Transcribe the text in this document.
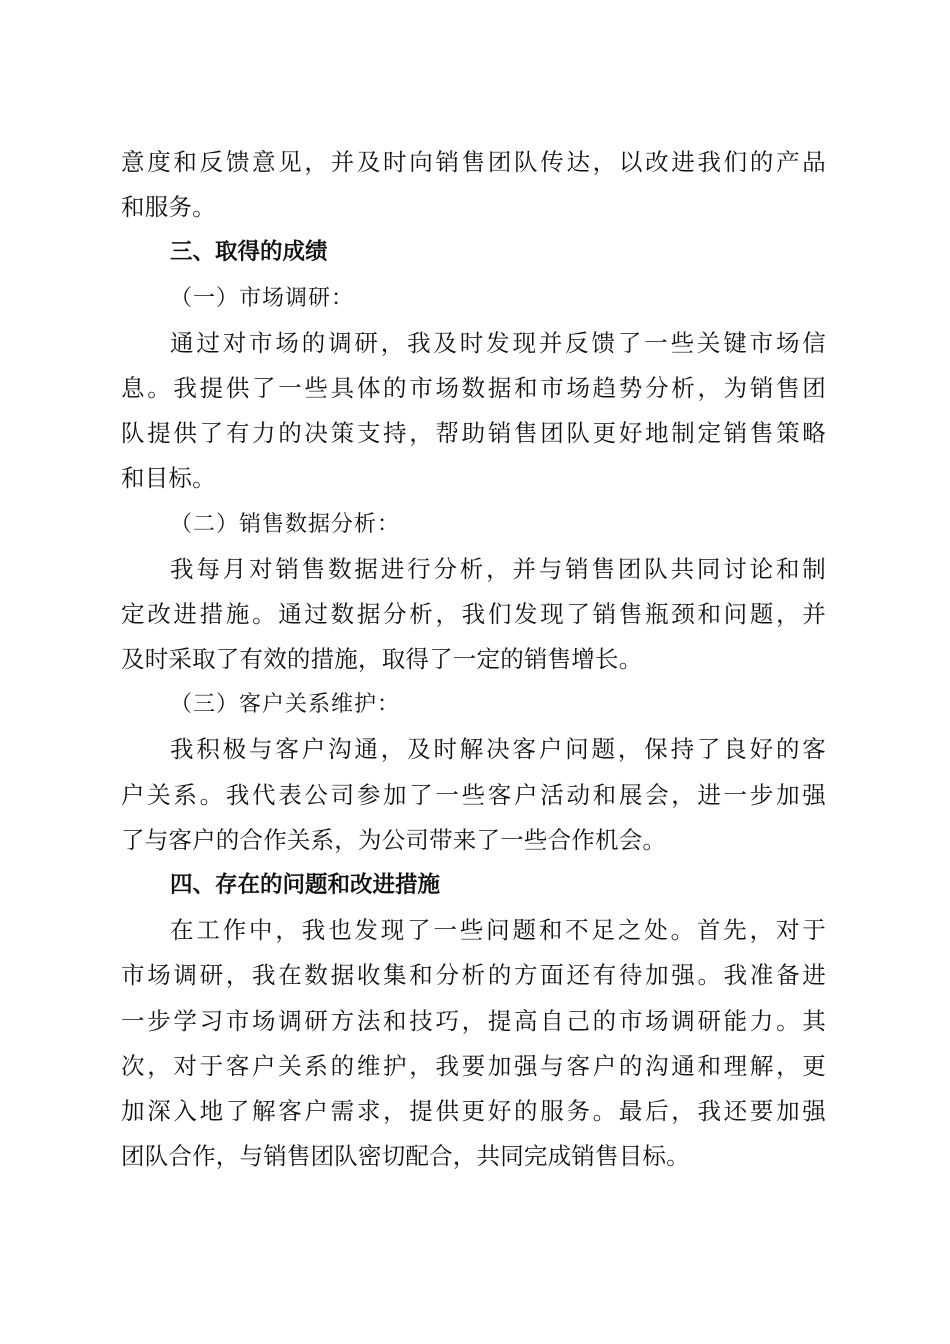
意度和反馈意见，并及时向销售团队传达，以改进我们的产品
和服务。
三、取得的成绩
（一）市场调研：
通过对市场的调研，我及时发现并反馈了一些关键市场信
息。我提供了一些具体的市场数据和市场趋势分析，为销售团
队提供了有力的决策支持，帮助销售团队更好地制定销售策略
和目标。
（二）销售数据分析：
我每月对销售数据进行分析，并与销售团队共同讨论和制
定改进措施。通过数据分析，我们发现了销售瓶颈和问题，并
及时采取了有效的措施，取得了一定的销售增长。
（三）客户关系维护：
我积极与客户沟通，及时解决客户问题，保持了良好的客
户关系。我代表公司参加了一些客户活动和展会，进一步加强
了与客户的合作关系，为公司带来了一些合作机会。
四、存在的问题和改进措施
在工作中，我也发现了一些问题和不足之处。首先，对于
市场调研，我在数据收集和分析的方面还有待加强。我准备进
一步学习市场调研方法和技巧，提高自己的市场调研能力。其
次，对于客户关系的维护，我要加强与客户的沟通和理解，更
加深入地了解客户需求，提供更好的服务。最后，我还要加强
团队合作，与销售团队密切配合，共同完成销售目标。
